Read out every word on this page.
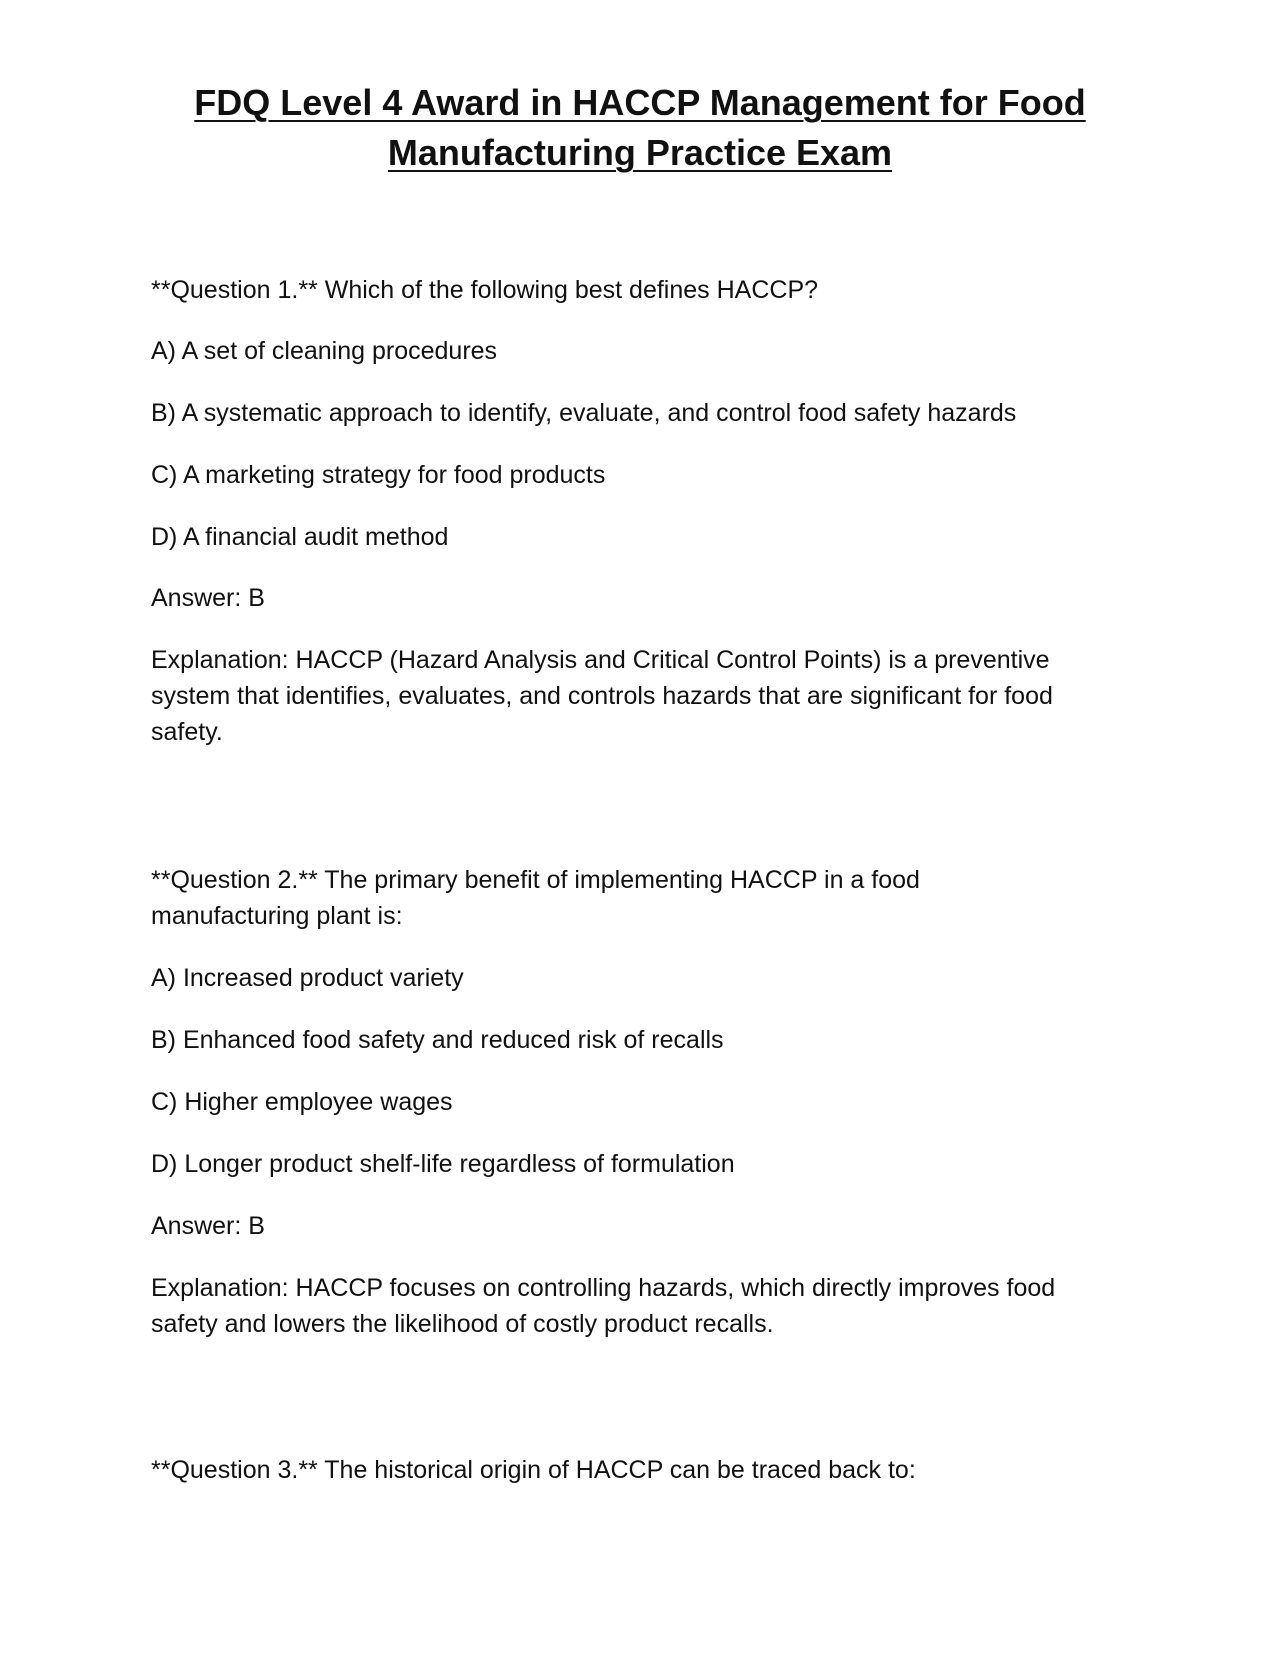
FDQ Level 4 Award in HACCP Management for Food
Manufacturing Practice Exam

**Question 1.** Which of the following best defines HACCP?

A) A set of cleaning procedures

B) A systematic approach to identify, evaluate, and control food safety hazards

C) A marketing strategy for food products

D) A financial audit method

Answer: B

Explanation: HACCP (Hazard Analysis and Critical Control Points) is a preventive

system that identifies, evaluates, and controls hazards that are significant for food

safety.

**Question 2.** The primary benefit of implementing HACCP in a food

manufacturing plant is:

A) Increased product variety

B) Enhanced food safety and reduced risk of recalls

C) Higher employee wages

D) Longer product shelf-life regardless of formulation

Answer: B

Explanation: HACCP focuses on controlling hazards, which directly improves food

safety and lowers the likelihood of costly product recalls.

**Question 3.** The historical origin of HACCP can be traced back to:
